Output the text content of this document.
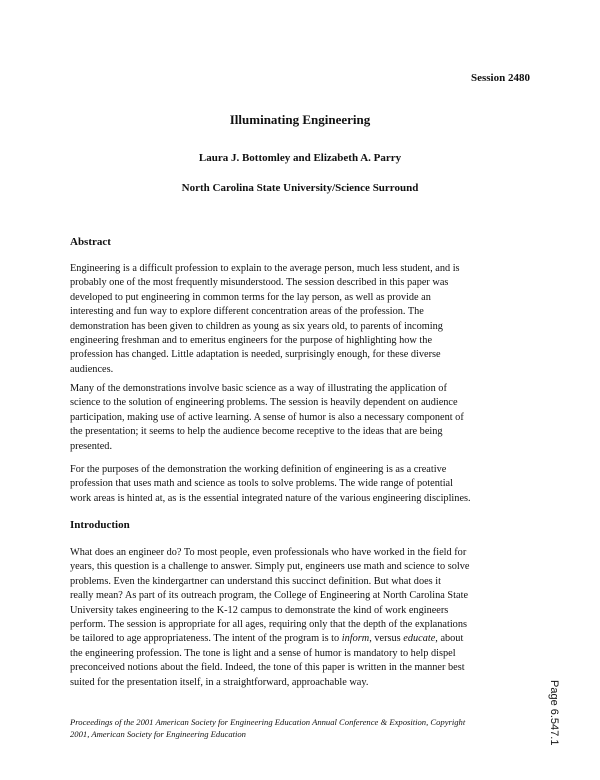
Session 2480
Illuminating Engineering
Laura J. Bottomley and Elizabeth A. Parry
North Carolina State University/Science Surround
Abstract
Engineering is a difficult profession to explain to the average person, much less student, and is
probably one of the most frequently misunderstood. The session described in this paper was
developed to put engineering in common terms for the lay person, as well as provide an
interesting and fun way to explore different concentration areas of the profession. The
demonstration has been given to children as young as six years old, to parents of incoming
engineering freshman and to emeritus engineers for the purpose of highlighting how the
profession has changed. Little adaptation is needed, surprisingly enough, for these diverse
audiences.
Many of the demonstrations involve basic science as a way of illustrating the application of
science to the solution of engineering problems. The session is heavily dependent on audience
participation, making use of active learning. A sense of humor is also a necessary component of
the presentation; it seems to help the audience become receptive to the ideas that are being
presented.
For the purposes of the demonstration the working definition of engineering is as a creative
profession that uses math and science as tools to solve problems. The wide range of potential
work areas is hinted at, as is the essential integrated nature of the various engineering disciplines.
Introduction
What does an engineer do? To most people, even professionals who have worked in the field for
years, this question is a challenge to answer. Simply put, engineers use math and science to solve
problems. Even the kindergartner can understand this succinct definition. But what does it
really mean? As part of its outreach program, the College of Engineering at North Carolina State
University takes engineering to the K-12 campus to demonstrate the kind of work engineers
perform. The session is appropriate for all ages, requiring only that the depth of the explanations
be tailored to age appropriateness. The intent of the program is to inform, versus educate, about
the engineering profession. The tone is light and a sense of humor is mandatory to help dispel
preconceived notions about the field. Indeed, the tone of this paper is written in the manner best
suited for the presentation itself, in a straightforward, approachable way.
Proceedings of the 2001 American Society for Engineering Education Annual Conference & Exposition, Copyright
2001, American Society for Engineering Education	Page 6.547.1
